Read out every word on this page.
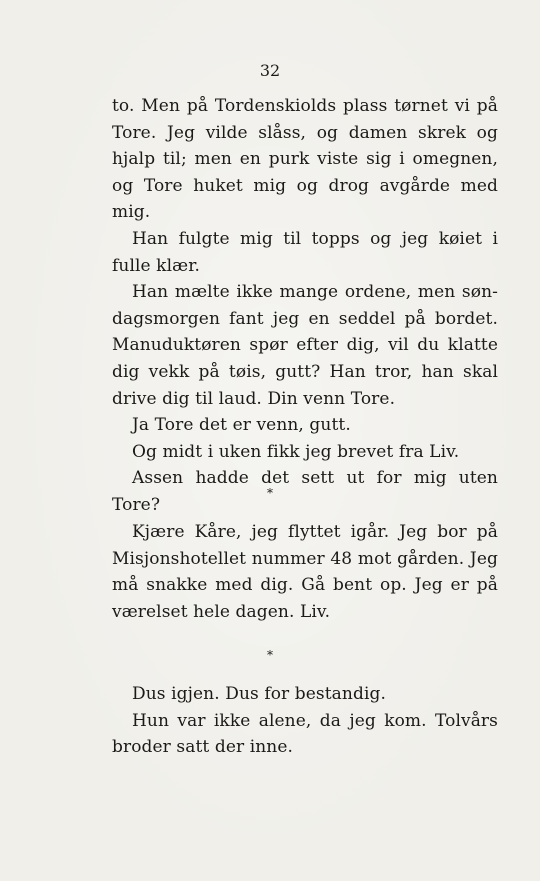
32

to. Men på Tordenskiolds plass tørnet vi på Tore. Jeg vilde slåss, og damen skrek og hjalp til; men en purk viste sig i omegnen, og Tore huket mig og drog avgårde med mig.

Han fulgte mig til topps og jeg køiet i fulle klær.

Han mælte ikke mange ordene, men søn-dagsmorgen fant jeg en seddel på bordet. Manuduktøren spør efter dig, vil du klatte dig vekk på tøis, gutt? Han tror, han skal drive dig til laud. Din venn Tore.

Ja Tore det er venn, gutt.

Og midt i uken fikk jeg brevet fra Liv.

Assen hadde det sett ut for mig uten Tore?

*

Kjære Kåre, jeg flyttet igår. Jeg bor på Misjonshotellet nummer 48 mot gården. Jeg må snakke med dig. Gå bent op. Jeg er på værelset hele dagen. Liv.

*

Dus igjen. Dus for bestandig.

Hun var ikke alene, da jeg kom. Tolvårs broder satt der inne.
